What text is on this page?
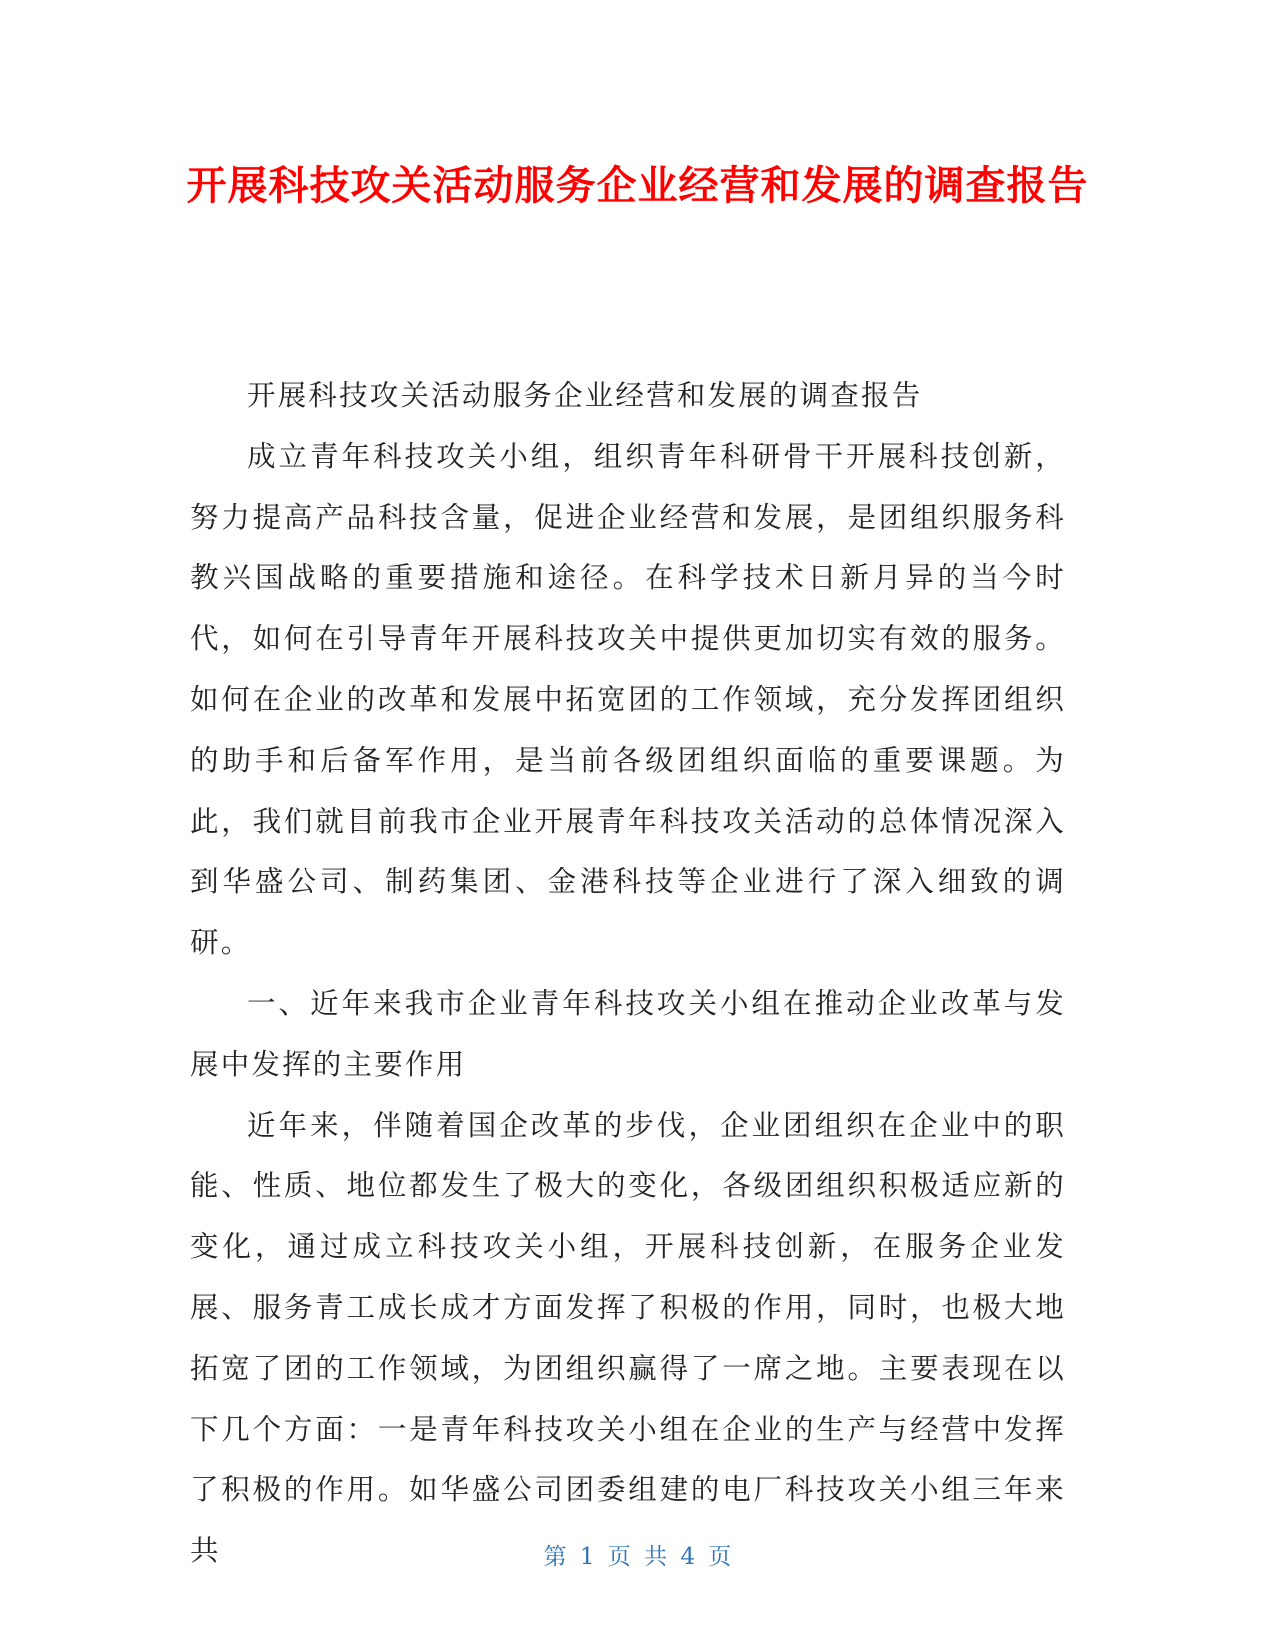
开展科技攻关活动服务企业经营和发展的调查报告

开展科技攻关活动服务企业经营和发展的调查报告

成立青年科技攻关小组，组织青年科研骨干开展科技创新，努力提高产品科技含量，促进企业经营和发展，是团组织服务科教兴国战略的重要措施和途径。在科学技术日新月异的当今时代，如何在引导青年开展科技攻关中提供更加切实有效的服务。如何在企业的改革和发展中拓宽团的工作领域，充分发挥团组织的助手和后备军作用，是当前各级团组织面临的重要课题。为此，我们就目前我市企业开展青年科技攻关活动的总体情况深入到华盛公司、制药集团、金港科技等企业进行了深入细致的调研。

一、近年来我市企业青年科技攻关小组在推动企业改革与发展中发挥的主要作用

近年来，伴随着国企改革的步伐，企业团组织在企业中的职能、性质、地位都发生了极大的变化，各级团组织积极适应新的变化，通过成立科技攻关小组，开展科技创新，在服务企业发展、服务青工成长成才方面发挥了积极的作用，同时，也极大地拓宽了团的工作领域，为团组织赢得了一席之地。主要表现在以下几个方面：一是青年科技攻关小组在企业的生产与经营中发挥了积极的作用。如华盛公司团委组建的电厂科技攻关小组三年来共	第 1 页 共 4 页
